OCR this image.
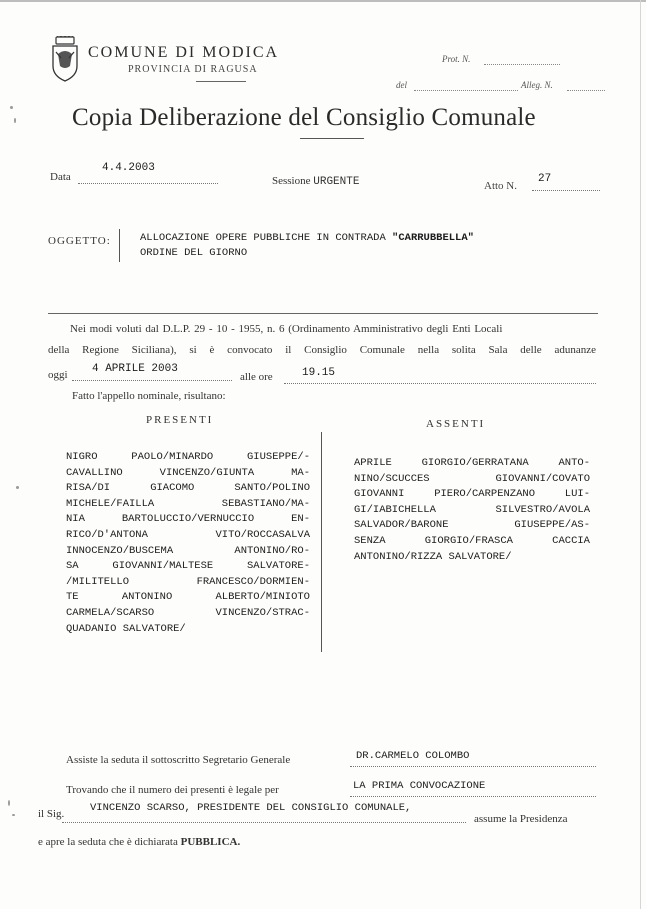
COMUNE DI MODICA
PROVINCIA DI RAGUSA
Prot. N.
del	Alleg. N.
Copia Deliberazione del Consiglio Comunale
Data
4.4.2003
Sessione URGENTE	Atto N.
27
OGGETTO:	ALLOCAZIONE OPERE PUBBLICHE IN CONTRADA "CARRUBBELLA"
ORDINE DEL GIORNO
Nei modi voluti dal D.L.P. 29 - 10 - 1955, n. 6 (Ordinamento Amministrativo degli Enti Locali
della Regione Siciliana), si è convocato il Consiglio Comunale nella solita Sala delle adunanze
oggi 4 APRILE 2003
alle ore	19.15
Fatto l'appello nominale, risultano:
PRESENTI	ASSENTI
NIGRO PAOLO/MINARDO GIUSEPPE/-
CAVALLINO VINCENZO/GIUNTA MA-
RISA/DI GIACOMO SANTO/POLINO
MICHELE/FAILLA SEBASTIANO/MA-
NIA BARTOLUCCIO/VERNUCCIO EN-
RICO/D'ANTONA VITO/ROCCASALVA
INNOCENZO/BUSCEMA ANTONINO/RO-
SA GIOVANNI/MALTESE SALVATORE-
/MILITELLO FRANCESCO/DORMIEN-
TE ANTONINO ALBERTO/MINIOTO
CARMELA/SCARSO VINCENZO/STRAC-
QUADANIO SALVATORE/
APRILE GIORGIO/GERRATANA ANTO-
NINO/SCUCCES GIOVANNI/COVATO
GIOVANNI PIERO/CARPENZANO LUI-
GI/IABICHELLA SILVESTRO/AVOLA
SALVADOR/BARONE GIUSEPPE/AS-
SENZA GIORGIO/FRASCA CACCIA
ANTONINO/RIZZA SALVATORE/
Assiste la seduta il sottoscritto Segretario Generale	DR.CARMELO COLOMBO
Trovando che il numero dei presenti è legale per	LA PRIMA CONVOCAZIONE
il Sig. VINCENZO SCARSO, PRESIDENTE DEL CONSIGLIO COMUNALE,
assume la Presidenza
e apre la seduta che è dichiarata PUBBLICA.
